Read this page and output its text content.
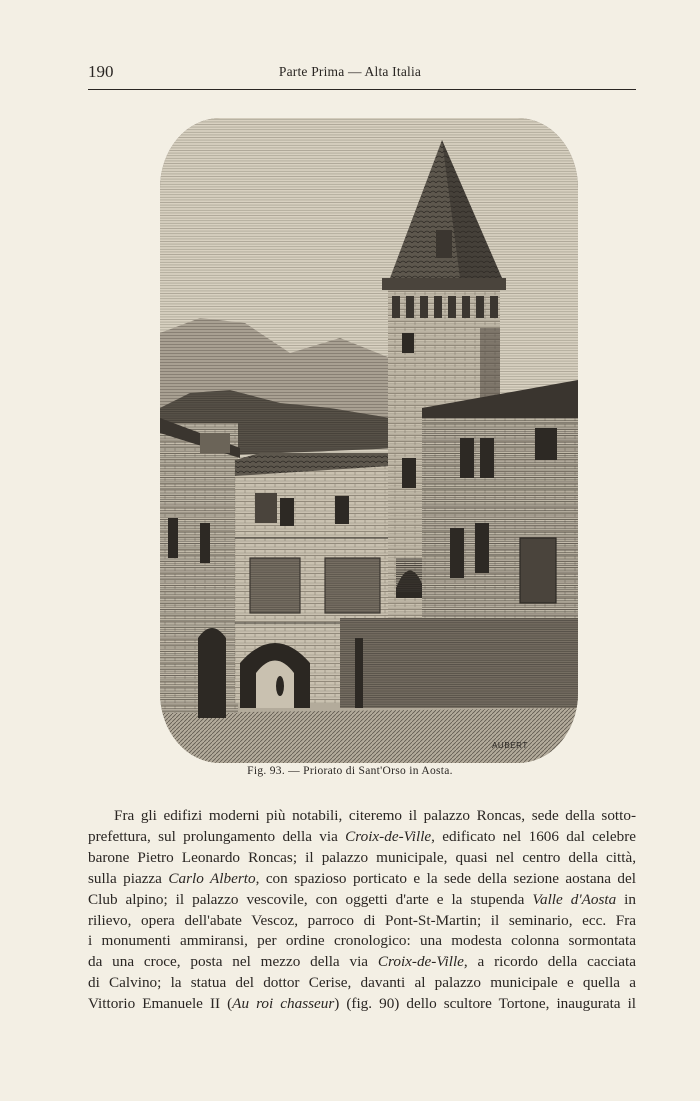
190	Parte Prima — Alta Italia
AUBERT
Fig. 93. — Priorato di Sant'Orso in Aosta.
Fra gli edifizi moderni più notabili, citeremo il palazzo Roncas, sede della sotto-
prefettura, sul prolungamento della via Croix-de-Ville, edificato nel 1606 dal celebre
barone Pietro Leonardo Roncas; il palazzo municipale, quasi nel centro della città,
sulla piazza Carlo Alberto, con spazioso porticato e la sede della sezione aostana del
Club alpino; il palazzo vescovile, con oggetti d'arte e la stupenda Valle d'Aosta in
rilievo, opera dell'abate Vescoz, parroco di Pont-St-Martin; il seminario, ecc. Fra
i monumenti ammiransi, per ordine cronologico: una modesta colonna sormontata
da una croce, posta nel mezzo della via Croix-de-Ville, a ricordo della cacciata
di Calvino; la statua del dottor Cerise, davanti al palazzo municipale e quella a
Vittorio Emanuele II (Au roi chasseur) (fig. 90) dello scultore Tortone, inaugurata il
